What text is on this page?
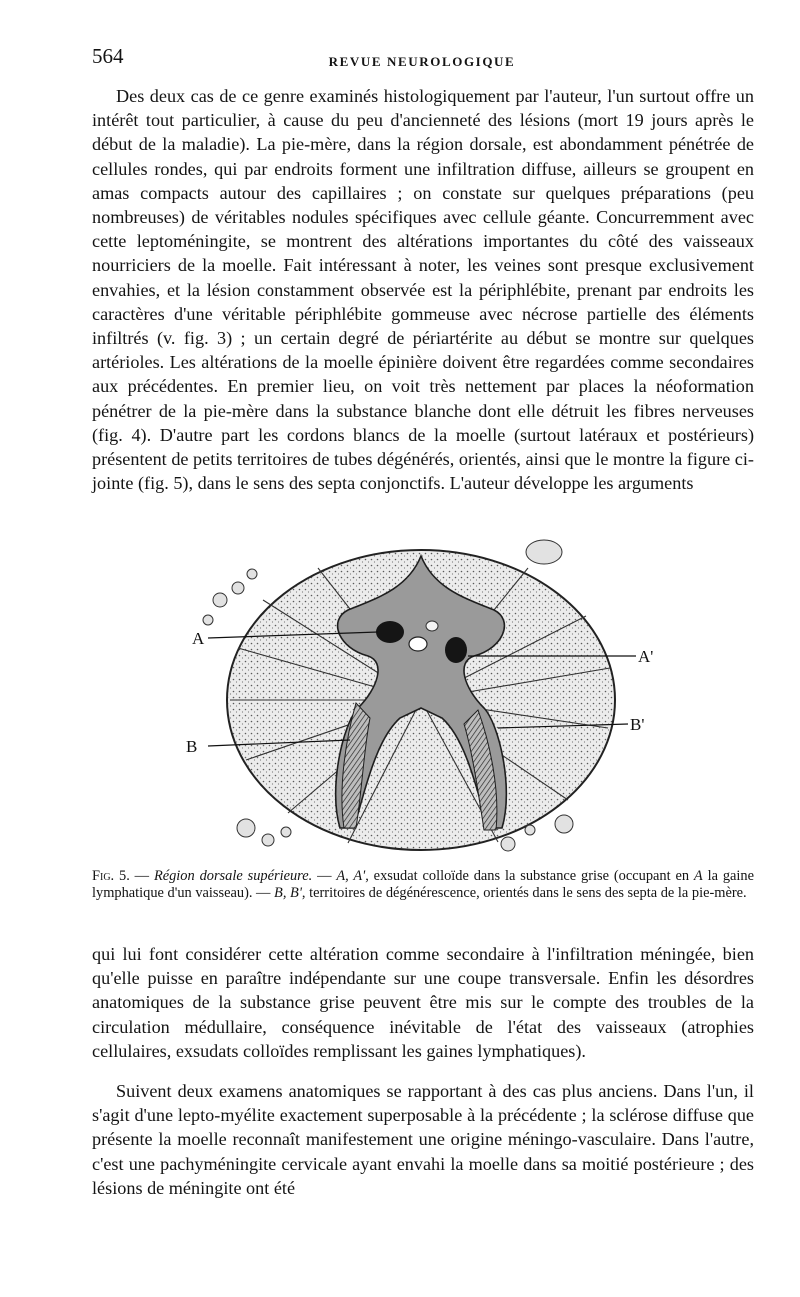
564	REVUE NEUROLOGIQUE

Des deux cas de ce genre examinés histologiquement par l'auteur, l'un surtout offre un intérêt tout particulier, à cause du peu d'ancienneté des lésions (mort 19 jours après le début de la maladie). La pie-mère, dans la région dorsale, est abondamment pénétrée de cellules rondes, qui par endroits forment une infiltration diffuse, ailleurs se groupent en amas compacts autour des capillaires ; on constate sur quelques préparations (peu nombreuses) de véritables nodules spécifiques avec cellule géante. Concurremment avec cette leptoméningite, se montrent des altérations importantes du côté des vaisseaux nourriciers de la moelle. Fait intéressant à noter, les veines sont presque exclusivement envahies, et la lésion constamment observée est la périphlébite, prenant par endroits les caractères d'une véritable périphlébite gommeuse avec nécrose partielle des éléments infiltrés (v. fig. 3) ; un certain degré de périartérite au début se montre sur quelques artérioles. Les altérations de la moelle épinière doivent être regardées comme secondaires aux précédentes. En premier lieu, on voit très nettement par places la néoformation pénétrer de la pie-mère dans la substance blanche dont elle détruit les fibres nerveuses (fig. 4). D'autre part les cordons blancs de la moelle (surtout latéraux et postérieurs) présentent de petits territoires de tubes dégénérés, orientés, ainsi que le montre la figure ci-jointe (fig. 5), dans le sens des septa conjonctifs. L'auteur développe les arguments

A
A'
B
B'

Fig. 5. — Région dorsale supérieure. — A, A', exsudat colloïde dans la substance grise (occupant en A la gaine lymphatique d'un vaisseau). — B, B', territoires de dégénérescence, orientés dans le sens des septa de la pie-mère.

qui lui font considérer cette altération comme secondaire à l'infiltration méningée, bien qu'elle puisse en paraître indépendante sur une coupe transversale. Enfin les désordres anatomiques de la substance grise peuvent être mis sur le compte des troubles de la circulation médullaire, conséquence inévitable de l'état des vaisseaux (atrophies cellulaires, exsudats colloïdes remplissant les gaines lymphatiques).

Suivent deux examens anatomiques se rapportant à des cas plus anciens. Dans l'un, il s'agit d'une lepto-myélite exactement superposable à la précédente ; la sclérose diffuse que présente la moelle reconnaît manifestement une origine méningo-vasculaire. Dans l'autre, c'est une pachyméningite cervicale ayant envahi la moelle dans sa moitié postérieure ; des lésions de méningite ont été
